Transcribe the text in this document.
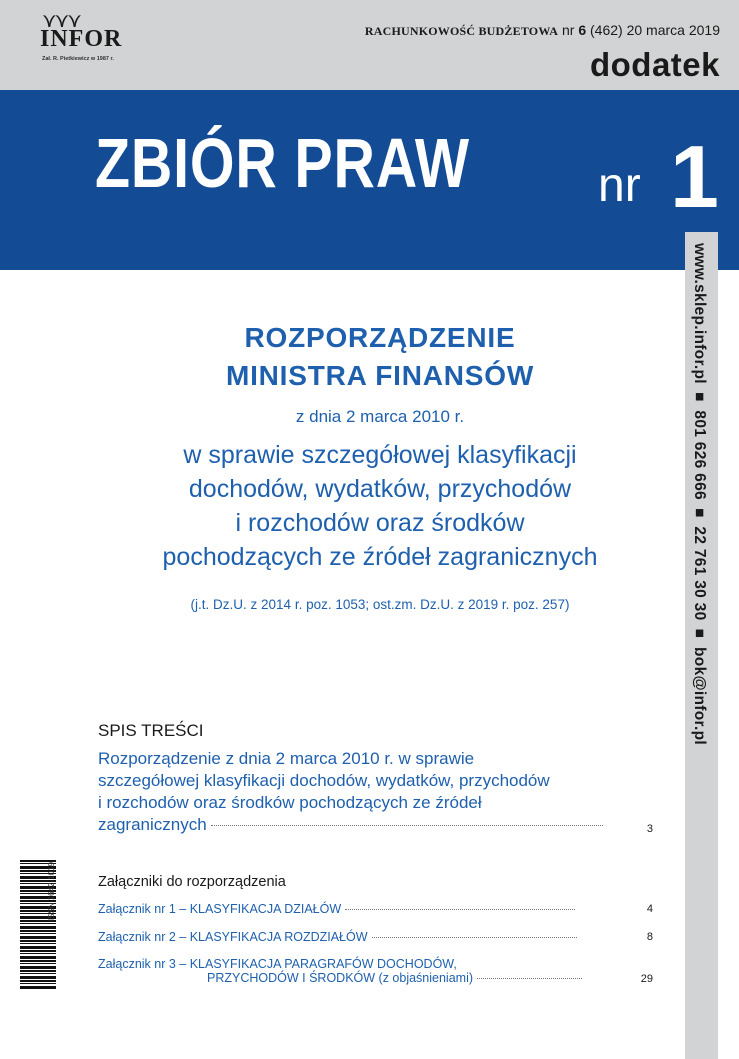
⋎⋎⋎
INFOR
Zał. R. Pietkiewicz w 1987 r.
RACHUNKOWOŚĆ BUDŻETOWA nr 6 (462) 20 marca 2019
dodatek
ZBIÓR PRAW	nr 1
www.sklep.infor.pl ■ 801 626 666 ■ 22 761 30 30 ■ bok@infor.pl
ROZPORZĄDZENIE
MINISTRA FINANSÓW
z dnia 2 marca 2010 r.
w sprawie szczegółowej klasyfikacji
dochodów, wydatków, przychodów
i rozchodów oraz środków
pochodzących ze źródeł zagranicznych
(j.t. Dz.U. z 2014 r. poz. 1053; ost.zm. Dz.U. z 2019 r. poz. 257)
SPIS TREŚCI
Rozporządzenie z dnia 2 marca 2010 r. w sprawie
szczegółowej klasyfikacji dochodów, wydatków, przychodów
i rozchodów oraz środków pochodzących ze źródeł
zagranicznych	3
Załączniki do rozporządzenia
Załącznik nr 1 – KLASYFIKACJA DZIAŁÓW	4
Załącznik nr 2 – KLASYFIKACJA ROZDZIAŁÓW	8
Załącznik nr 3 – KLASYFIKACJA PARAGRAFÓW DOCHODÓW,
PRZYCHODÓW I ŚRODKÓW (z objaśnieniami)	29
ISSN 1642-1019
